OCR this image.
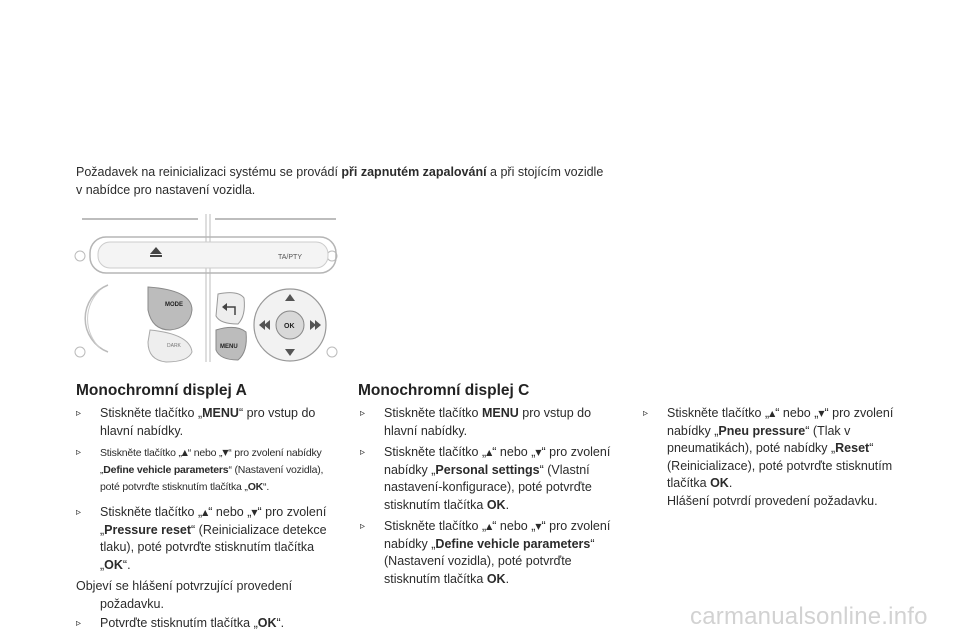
Požadavek na reinicializaci systému se provádí při zapnutém zapalování a při stojícím vozidle
v nabídce pro nastavení vozidla.
TA/PTY
MODE
DARK	MENU
OK
Monochromní displej A
▹	Stiskněte tlačítko „MENU“ pro vstup do hlavní nabídky.
▹	Stiskněte tlačítko „▲“ nebo „▼“ pro zvolení nabídky „Define vehicle parameters“ (Nastavení vozidla), poté potvrďte stisknutím tlačítka „OK“.
▹	Stiskněte tlačítko „▲“ nebo „▼“ pro zvolení „Pressure reset“ (Reinicializace detekce tlaku), poté potvrďte stisknutím tlačítka „OK“.
Objeví se hlášení potvrzující provedení
požadavku.
▹	Potvrďte stisknutím tlačítka „OK“.
Monochromní displej C
▹	Stiskněte tlačítko MENU pro vstup do hlavní nabídky.
▹	Stiskněte tlačítko „▲“ nebo „▼“ pro zvolení nabídky „Personal settings“ (Vlastní nastavení-konfigurace), poté potvrďte stisknutím tlačítka OK.
▹	Stiskněte tlačítko „▲“ nebo „▼“ pro zvolení nabídky „Define vehicle parameters“ (Nastavení vozidla), poté potvrďte stisknutím tlačítka OK.
▹	Stiskněte tlačítko „▲“ nebo „▼“ pro zvolení nabídky „Pneu pressure“ (Tlak v pneumatikách), poté nabídky „Reset“ (Reinicializace), poté potvrďte stisknutím tlačítka OK.
Hlášení potvrdí provedení požadavku.
carmanualsonline.info
